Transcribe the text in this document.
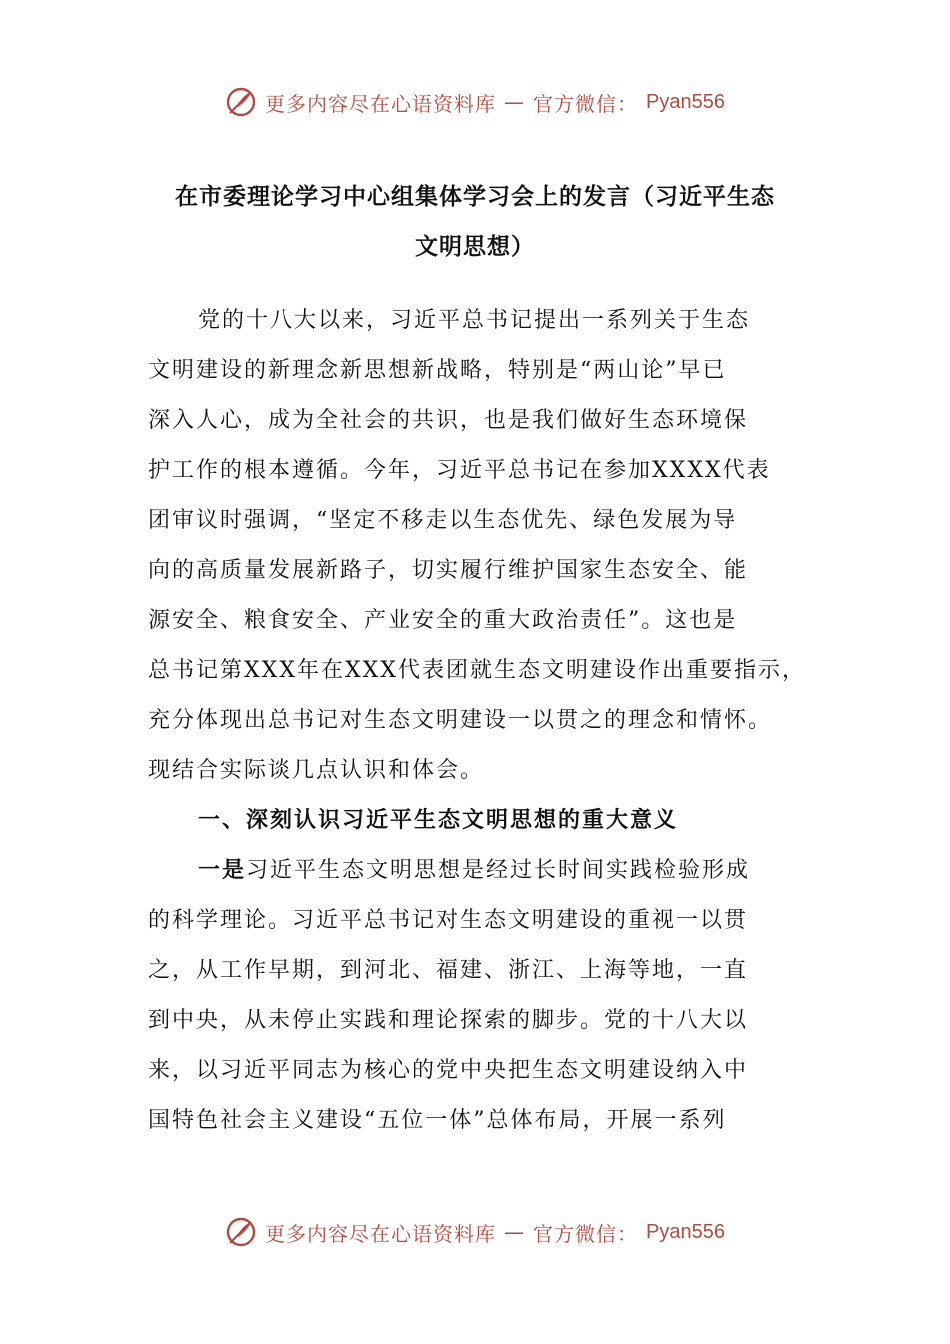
更多内容尽在心语资料库 — 官方微信： Pyan556
在市委理论学习中心组集体学习会上的发言（习近平生态
文明思想）
党的十八大以来，习近平总书记提出一系列关于生态
文明建设的新理念新思想新战略，特别是“两山论”早已
深入人心，成为全社会的共识，也是我们做好生态环境保
护工作的根本遵循。今年，习近平总书记在参加XXXX代表
团审议时强调，“坚定不移走以生态优先、绿色发展为导
向的高质量发展新路子，切实履行维护国家生态安全、能
源安全、粮食安全、产业安全的重大政治责任”。这也是
总书记第XXX年在XXX代表团就生态文明建设作出重要指示，
充分体现出总书记对生态文明建设一以贯之的理念和情怀。
现结合实际谈几点认识和体会。
一、深刻认识习近平生态文明思想的重大意义
一是习近平生态文明思想是经过长时间实践检验形成
的科学理论。习近平总书记对生态文明建设的重视一以贯
之，从工作早期，到河北、福建、浙江、上海等地，一直
到中央，从未停止实践和理论探索的脚步。党的十八大以
来，以习近平同志为核心的党中央把生态文明建设纳入中
国特色社会主义建设“五位一体”总体布局，开展一系列
更多内容尽在心语资料库 — 官方微信： Pyan556
